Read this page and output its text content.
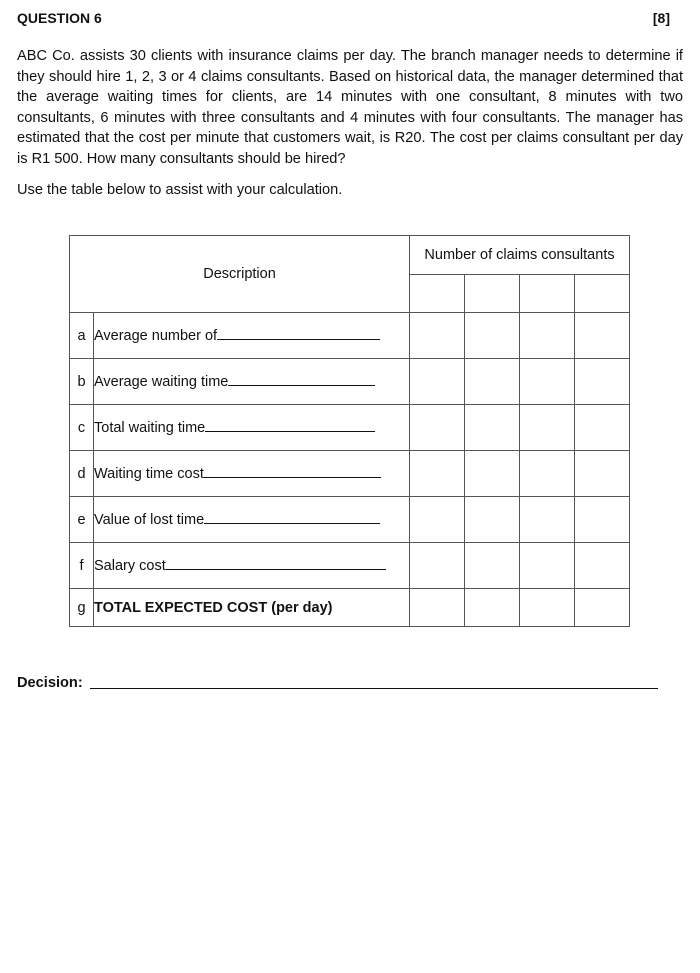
QUESTION 6	[8]

ABC Co. assists 30 clients with insurance claims per day. The branch manager needs to determine if they should hire 1, 2, 3 or 4 claims consultants. Based on historical data, the manager determined that the average waiting times for clients, are 14 minutes with one consultant, 8 minutes with two consultants, 6 minutes with three consultants and 4 minutes with four consultants. The manager has estimated that the cost per minute that customers wait, is R20. The cost per claims consultant per day is R1 500. How many consultants should be hired?

Use the table below to assist with your calculation.

Description		Number of claims consultants			

a	Average number of				
b	Average waiting time				
c	Total waiting time				
d	Waiting time cost				
e	Value of lost time				
f	Salary cost				
g	TOTAL EXPECTED COST (per day)				
Decision:
